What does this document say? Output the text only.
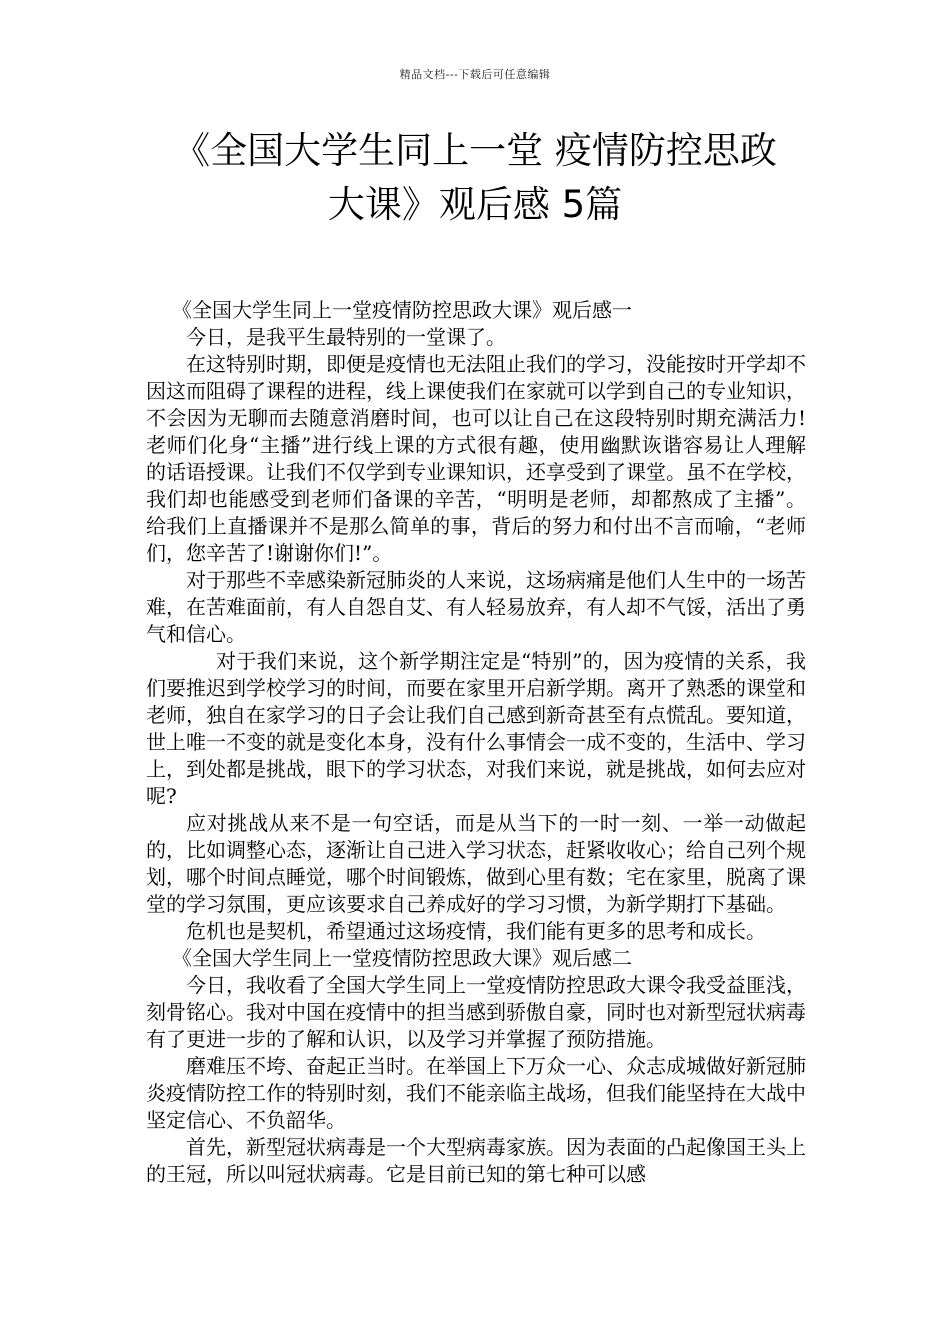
精品文档---下载后可任意编辑
《全国大学生同上一堂 疫情防控思政
大课》观后感 5篇

《全国大学生同上一堂疫情防控思政大课》观后感一

今日，是我平生最特别的一堂课了。

在这特别时期，即便是疫情也无法阻止我们的学习，没能按时开学却不因这而阻碍了课程的进程，线上课使我们在家就可以学到自己的专业知识，不会因为无聊而去随意消磨时间，也可以让自己在这段特别时期充满活力!老师们化身“主播”进行线上课的方式很有趣，使用幽默诙谐容易让人理解的话语授课。让我们不仅学到专业课知识，还享受到了课堂。虽不在学校，我们却也能感受到老师们备课的辛苦，“明明是老师，却都熬成了主播”。给我们上直播课并不是那么简单的事，背后的努力和付出不言而喻，“老师们，您辛苦了!谢谢你们!”。

对于那些不幸感染新冠肺炎的人来说，这场病痛是他们人生中的一场苦难，在苦难面前，有人自怨自艾、有人轻易放弃，有人却不气馁，活出了勇气和信心。

对于我们来说，这个新学期注定是“特别”的，因为疫情的关系，我们要推迟到学校学习的时间，而要在家里开启新学期。离开了熟悉的课堂和老师，独自在家学习的日子会让我们自己感到新奇甚至有点慌乱。要知道，世上唯一不变的就是变化本身，没有什么事情会一成不变的，生活中、学习上，到处都是挑战，眼下的学习状态，对我们来说，就是挑战，如何去应对呢?

应对挑战从来不是一句空话，而是从当下的一时一刻、一举一动做起的，比如调整心态，逐渐让自己进入学习状态，赶紧收收心；给自己列个规划，哪个时间点睡觉，哪个时间锻炼，做到心里有数；宅在家里，脱离了课堂的学习氛围，更应该要求自己养成好的学习习惯，为新学期打下基础。

危机也是契机，希望通过这场疫情，我们能有更多的思考和成长。

《全国大学生同上一堂疫情防控思政大课》观后感二

今日，我收看了全国大学生同上一堂疫情防控思政大课令我受益匪浅，刻骨铭心。我对中国在疫情中的担当感到骄傲自豪，同时也对新型冠状病毒有了更进一步的了解和认识，以及学习并掌握了预防措施。

磨难压不垮、奋起正当时。在举国上下万众一心、众志成城做好新冠肺炎疫情防控工作的特别时刻，我们不能亲临主战场，但我们能坚持在大战中坚定信心、不负韶华。

首先，新型冠状病毒是一个大型病毒家族。因为表面的凸起像国王头上的王冠，所以叫冠状病毒。它是目前已知的第七种可以感
